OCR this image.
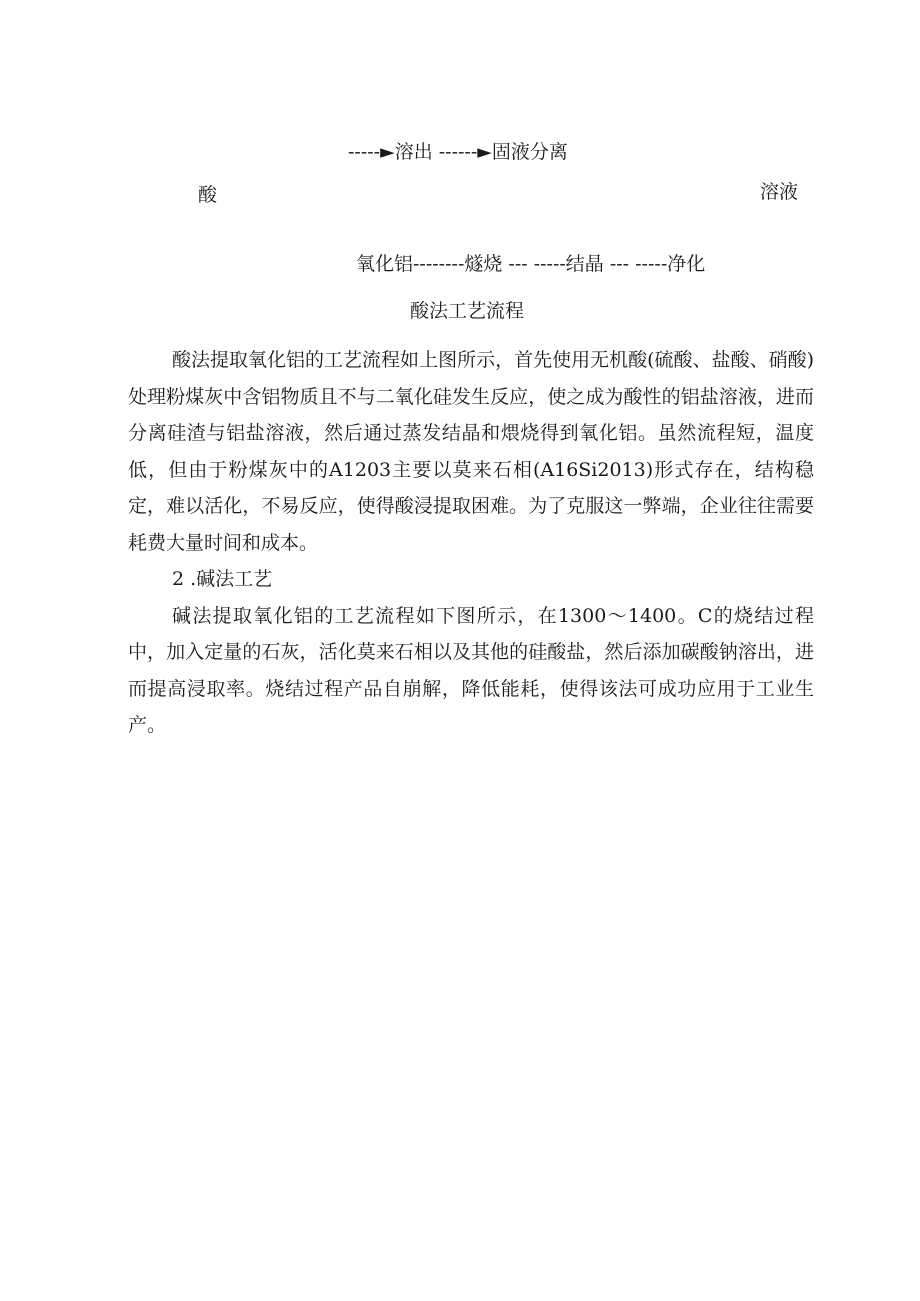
-----►溶出 ------►固液分离
酸	溶液
氧化铝--------燧烧 --- -----结晶 --- -----净化
酸法工艺流程

酸法提取氧化铝的工艺流程如上图所示，首先使用无机酸(硫酸、盐酸、硝酸)处理粉煤灰中含铝物质且不与二氧化硅发生反应，使之成为酸性的铝盐溶液，进而分离硅渣与铝盐溶液，然后通过蒸发结晶和煨烧得到氧化铝。虽然流程短，温度低，但由于粉煤灰中的A1203主要以莫来石相(A16Si2013)形式存在，结构稳定，难以活化，不易反应，使得酸浸提取困难。为了克服这一弊端，企业往往需要耗费大量时间和成本。

2 .碱法工艺

碱法提取氧化铝的工艺流程如下图所示，在1300～1400。C的烧结过程中，加入定量的石灰，活化莫来石相以及其他的硅酸盐，然后添加碳酸钠溶出，进而提高浸取率。烧结过程产品自崩解，降低能耗，使得该法可成功应用于工业生产。
